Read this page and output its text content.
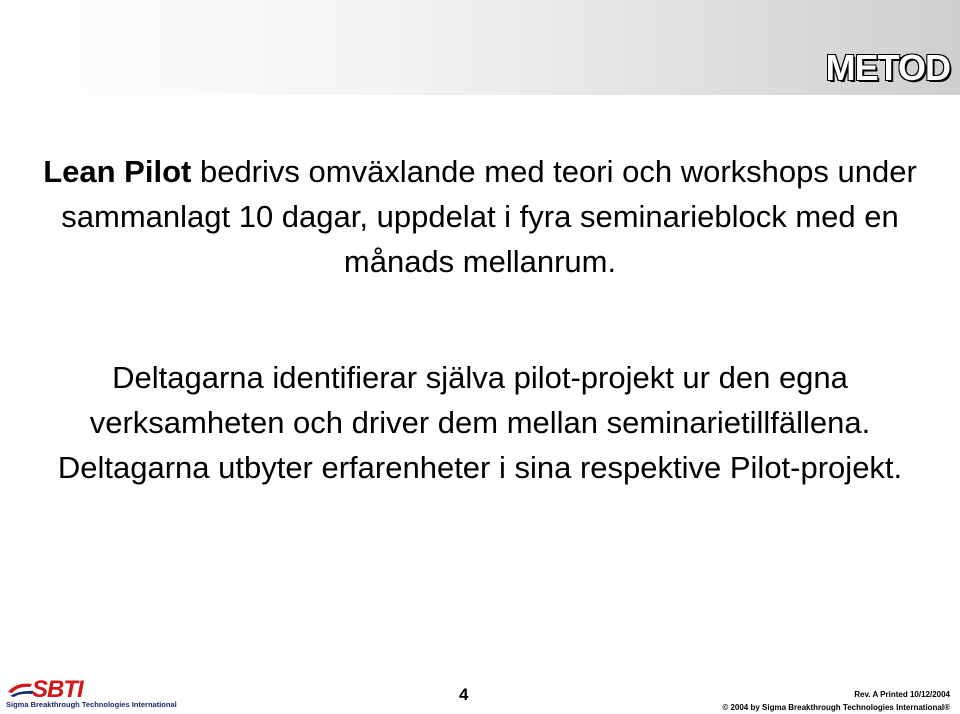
METOD
Lean Pilot bedrivs omväxlande med teori och workshops under sammanlagt 10 dagar, uppdelat i fyra seminarieblock med en månads mellanrum.
Deltagarna identifierar själva pilot-projekt ur den egna verksamheten och driver dem mellan seminarietillfällena. Deltagarna utbyter erfarenheter i sina respektive Pilot-projekt.
SBTI
Sigma Breakthrough Technologies International
4	Rev. A Printed 10/12/2004
© 2004 by Sigma Breakthrough Technologies International®
